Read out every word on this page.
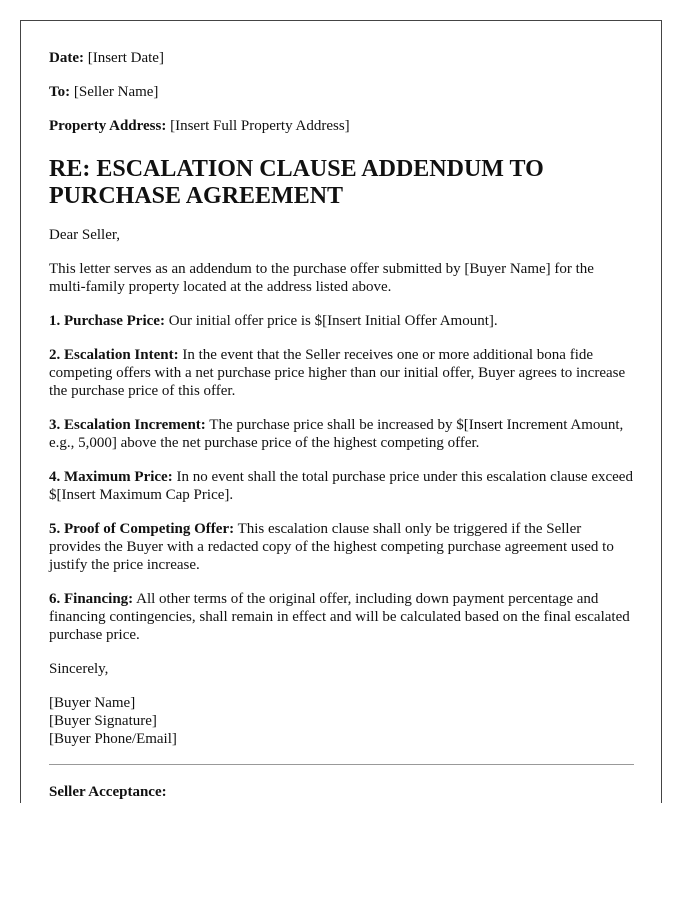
Date: [Insert Date]

To: [Seller Name]

Property Address: [Insert Full Property Address]

RE: ESCALATION CLAUSE ADDENDUM TO PURCHASE AGREEMENT

Dear Seller,

This letter serves as an addendum to the purchase offer submitted by [Buyer Name] for the multi-family property located at the address listed above.

1. Purchase Price: Our initial offer price is $[Insert Initial Offer Amount].

2. Escalation Intent: In the event that the Seller receives one or more additional bona fide competing offers with a net purchase price higher than our initial offer, Buyer agrees to increase the purchase price of this offer.

3. Escalation Increment: The purchase price shall be increased by $[Insert Increment Amount, e.g., 5,000] above the net purchase price of the highest competing offer.

4. Maximum Price: In no event shall the total purchase price under this escalation clause exceed $[Insert Maximum Cap Price].

5. Proof of Competing Offer: This escalation clause shall only be triggered if the Seller provides the Buyer with a redacted copy of the highest competing purchase agreement used to justify the price increase.

6. Financing: All other terms of the original offer, including down payment percentage and financing contingencies, shall remain in effect and will be calculated based on the final escalated purchase price.

Sincerely,

[Buyer Name]
[Buyer Signature]
[Buyer Phone/Email]

Seller Acceptance:
